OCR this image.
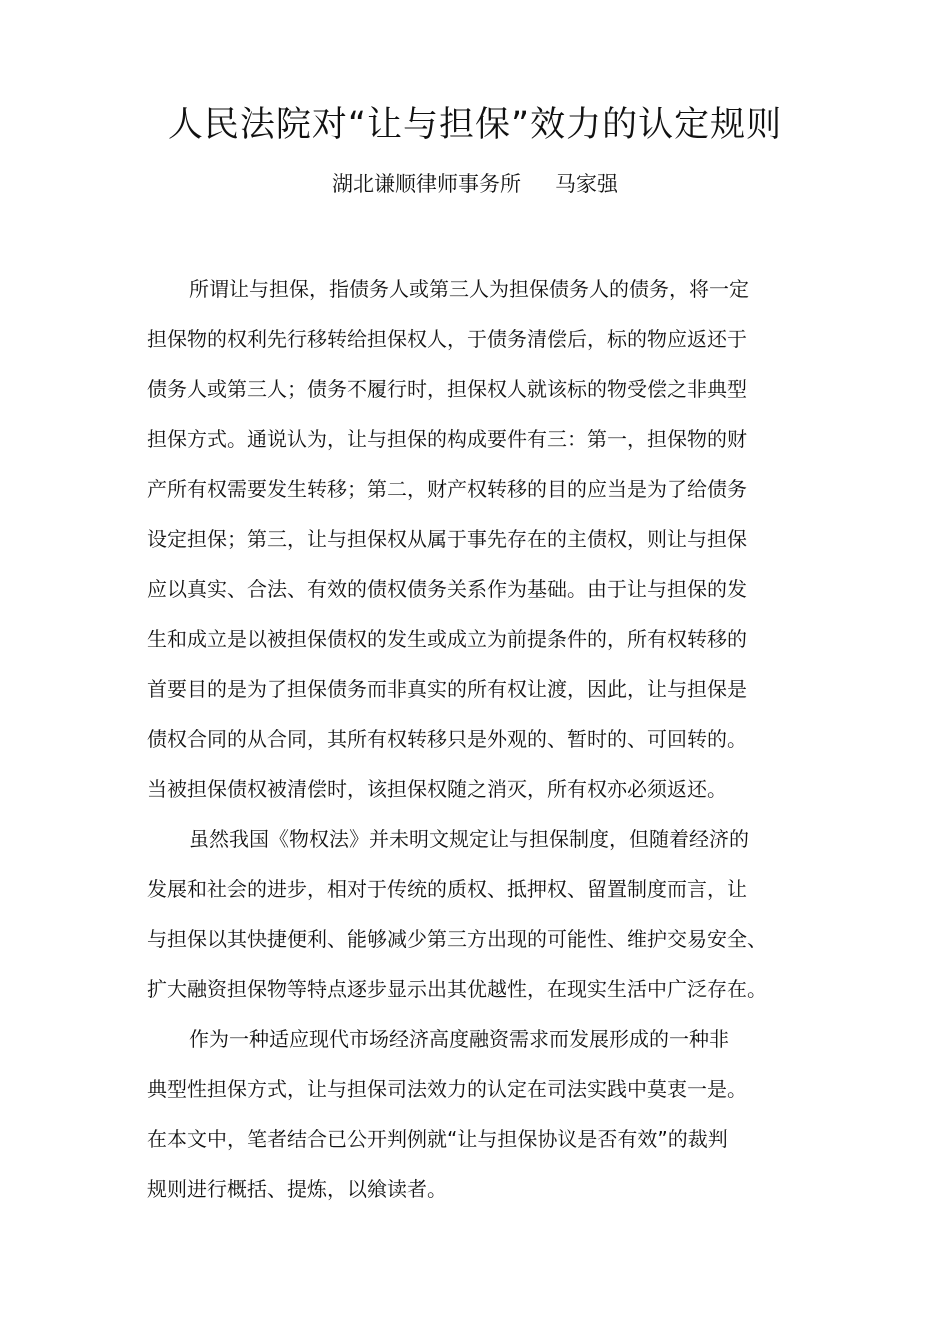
人民法院对“让与担保”效力的认定规则
湖北谦顺律师事务所 马家强

所谓让与担保，指债务人或第三人为担保债务人的债务，将一定
担保物的权利先行移转给担保权人，于债务清偿后，标的物应返还于
债务人或第三人；债务不履行时，担保权人就该标的物受偿之非典型
担保方式。通说认为，让与担保的构成要件有三：第一，担保物的财
产所有权需要发生转移；第二，财产权转移的目的应当是为了给债务
设定担保；第三，让与担保权从属于事先存在的主债权，则让与担保
应以真实、合法、有效的债权债务关系作为基础。由于让与担保的发
生和成立是以被担保债权的发生或成立为前提条件的，所有权转移的
首要目的是为了担保债务而非真实的所有权让渡，因此，让与担保是
债权合同的从合同，其所有权转移只是外观的、暂时的、可回转的。
当被担保债权被清偿时，该担保权随之消灭，所有权亦必须返还。

虽然我国《物权法》并未明文规定让与担保制度，但随着经济的
发展和社会的进步，相对于传统的质权、抵押权、留置制度而言，让
与担保以其快捷便利、能够减少第三方出现的可能性、维护交易安全、
扩大融资担保物等特点逐步显示出其优越性，在现实生活中广泛存在。

作为一种适应现代市场经济高度融资需求而发展形成的一种非
典型性担保方式，让与担保司法效力的认定在司法实践中莫衷一是。
在本文中，笔者结合已公开判例就“让与担保协议是否有效”的裁判
规则进行概括、提炼，以飨读者。
